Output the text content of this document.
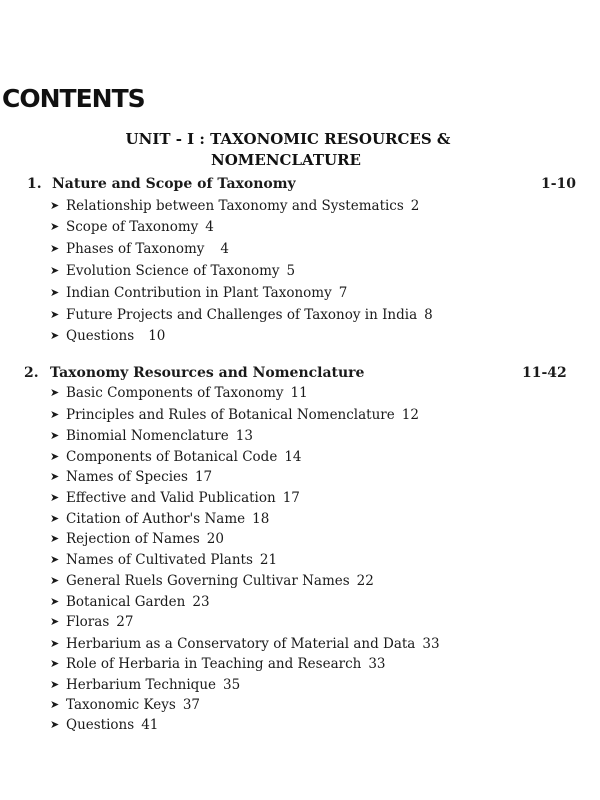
CONTENTS
UNIT - I : TAXONOMIC RESOURCES &
NOMENCLATURE
1. Nature and Scope of Taxonomy	1-10
➤ Relationship between Taxonomy and Systematics 2
➤ Scope of Taxonomy 4
➤ Phases of Taxonomy 4
➤ Evolution Science of Taxonomy 5
➤ Indian Contribution in Plant Taxonomy 7
➤ Future Projects and Challenges of Taxonoy in India 8
➤ Questions 10
2. Taxonomy Resources and Nomenclature	11-42
➤ Basic Components of Taxonomy 11
➤ Principles and Rules of Botanical Nomenclature 12
➤ Binomial Nomenclature 13
➤ Components of Botanical Code 14
➤ Names of Species 17
➤ Effective and Valid Publication 17
➤ Citation of Author's Name 18
➤ Rejection of Names 20
➤ Names of Cultivated Plants 21
➤ General Ruels Governing Cultivar Names 22
➤ Botanical Garden 23
➤ Floras 27
➤ Herbarium as a Conservatory of Material and Data 33
➤ Role of Herbaria in Teaching and Research 33
➤ Herbarium Technique 35
➤ Taxonomic Keys 37
➤ Questions 41
